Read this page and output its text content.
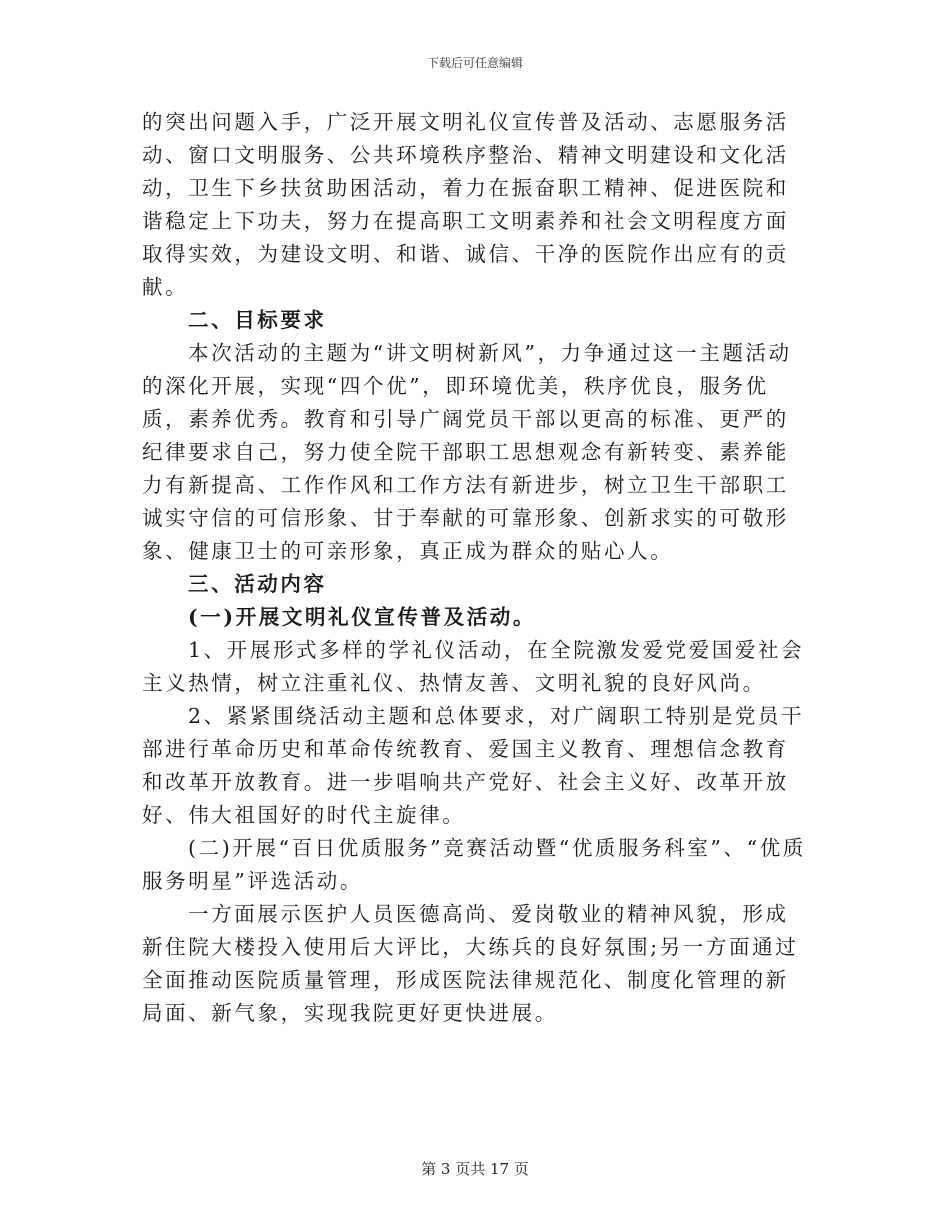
下载后可任意编辑

的突出问题入手，广泛开展文明礼仪宣传普及活动、志愿服务活动、窗口文明服务、公共环境秩序整治、精神文明建设和文化活动，卫生下乡扶贫助困活动，着力在振奋职工精神、促进医院和谐稳定上下功夫，努力在提高职工文明素养和社会文明程度方面取得实效，为建设文明、和谐、诚信、干净的医院作出应有的贡献。

二、目标要求

本次活动的主题为“讲文明树新风”，力争通过这一主题活动的深化开展，实现“四个优”，即环境优美，秩序优良，服务优质，素养优秀。教育和引导广阔党员干部以更高的标准、更严的纪律要求自己，努力使全院干部职工思想观念有新转变、素养能力有新提高、工作作风和工作方法有新进步，树立卫生干部职工诚实守信的可信形象、甘于奉献的可靠形象、创新求实的可敬形象、健康卫士的可亲形象，真正成为群众的贴心人。

三、活动内容

(一)开展文明礼仪宣传普及活动。

1、开展形式多样的学礼仪活动，在全院激发爱党爱国爱社会主义热情，树立注重礼仪、热情友善、文明礼貌的良好风尚。

2、紧紧围绕活动主题和总体要求，对广阔职工特别是党员干部进行革命历史和革命传统教育、爱国主义教育、理想信念教育和改革开放教育。进一步唱响共产党好、社会主义好、改革开放好、伟大祖国好的时代主旋律。

(二)开展“百日优质服务”竞赛活动暨“优质服务科室”、“优质服务明星”评选活动。

一方面展示医护人员医德高尚、爱岗敬业的精神风貌，形成新住院大楼投入使用后大评比，大练兵的良好氛围;另一方面通过全面推动医院质量管理，形成医院法律规范化、制度化管理的新局面、新气象，实现我院更好更快进展。

第 3 页共 17 页
